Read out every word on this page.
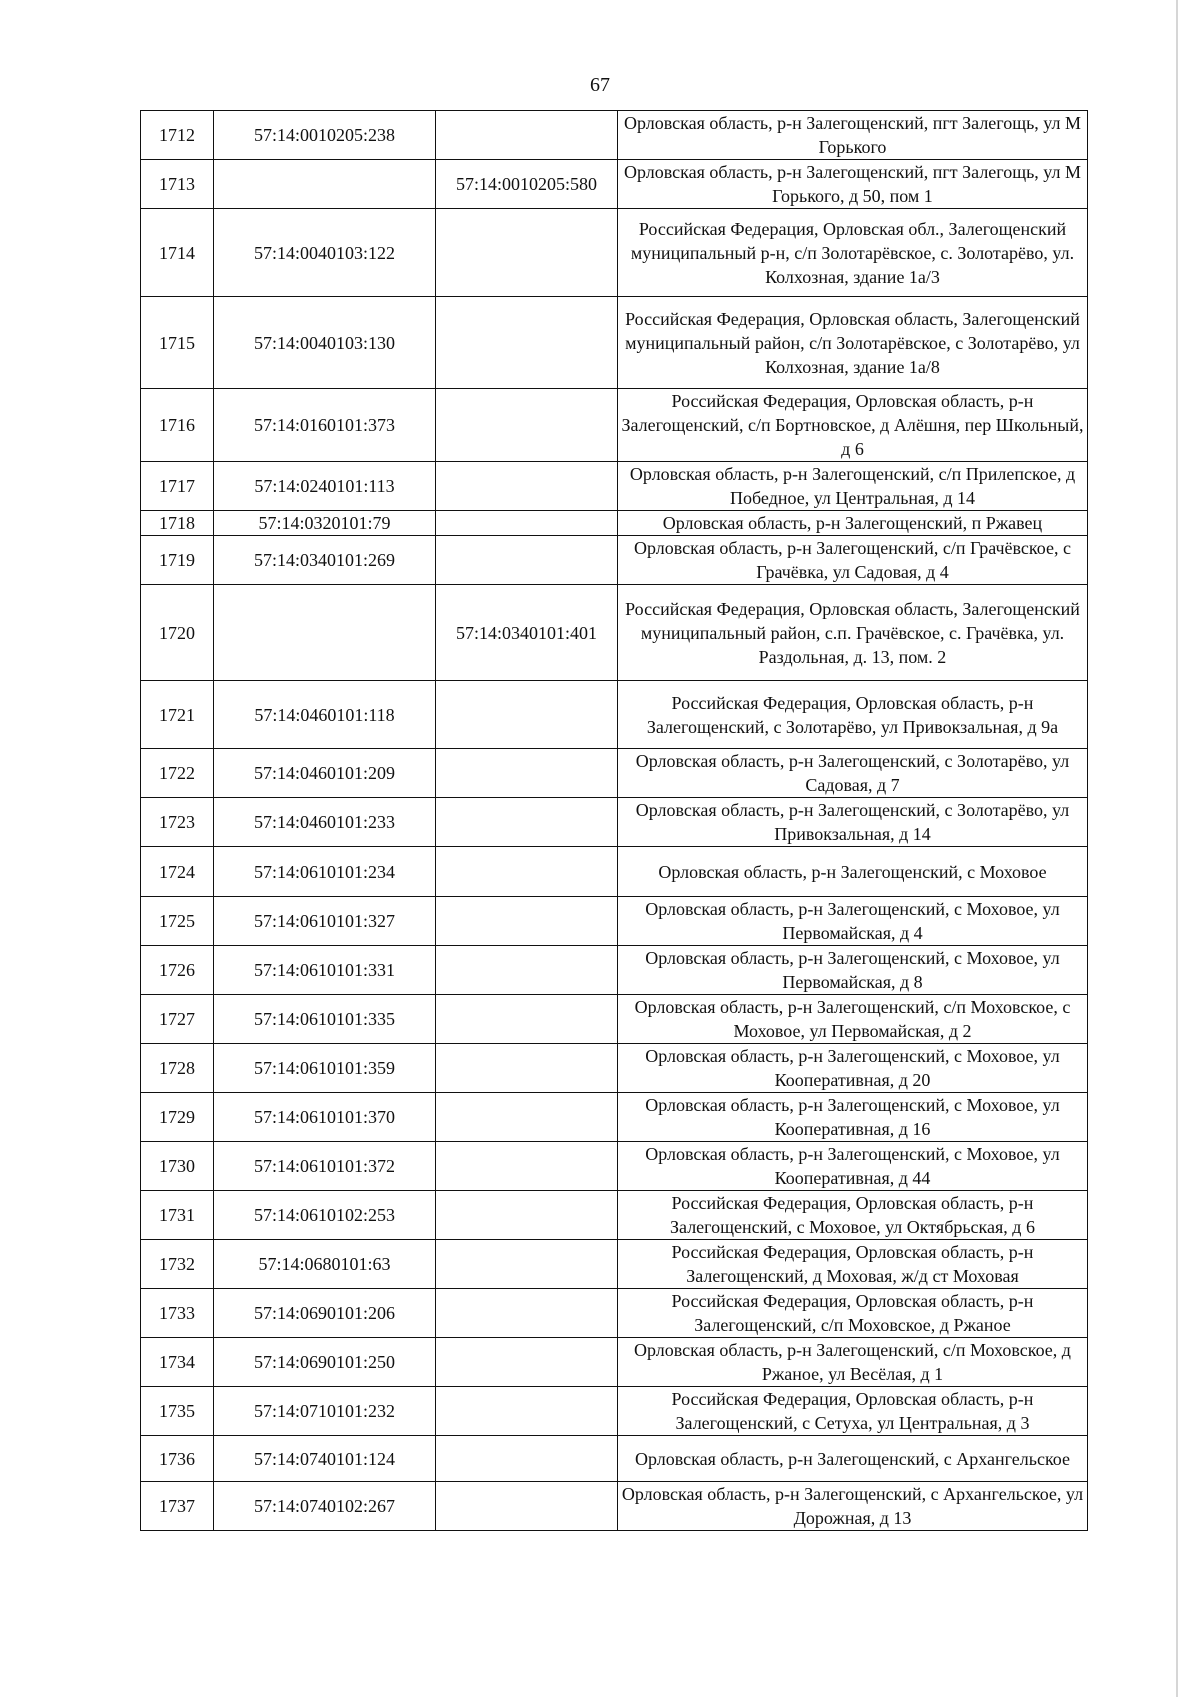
67
1712	57:14:0010205:238		Орловская область, р-н Залегощенский, пгт Залегощь, ул М Горького
1713		57:14:0010205:580	Орловская область, р-н Залегощенский, пгт Залегощь, ул М Горького, д 50, пом 1
1714	57:14:0040103:122		Российская Федерация, Орловская обл., Залегощенский муниципальный р-н, с/п Золотарёвское, с. Золотарёво, ул. Колхозная, здание 1а/3
1715	57:14:0040103:130		Российская Федерация, Орловская область, Залегощенский муниципальный район, с/п Золотарёвское, с Золотарёво, ул Колхозная, здание 1а/8
1716	57:14:0160101:373		Российская Федерация, Орловская область, р-н Залегощенский, с/п Бортновское, д Алёшня, пер Школьный, д 6
1717	57:14:0240101:113		Орловская область, р-н Залегощенский, с/п Прилепское, д Победное, ул Центральная, д 14
1718	57:14:0320101:79		Орловская область, р-н Залегощенский, п Ржавец
1719	57:14:0340101:269		Орловская область, р-н Залегощенский, с/п Грачёвское, с Грачёвка, ул Садовая, д 4
1720		57:14:0340101:401	Российская Федерация, Орловская область, Залегощенский муниципальный район, с.п. Грачёвское, с. Грачёвка, ул. Раздольная, д. 13, пом. 2
1721	57:14:0460101:118		Российская Федерация, Орловская область, р-н Залегощенский, с Золотарёво, ул Привокзальная, д 9а
1722	57:14:0460101:209		Орловская область, р-н Залегощенский, с Золотарёво, ул Садовая, д 7
1723	57:14:0460101:233		Орловская область, р-н Залегощенский, с Золотарёво, ул Привокзальная, д 14
1724	57:14:0610101:234		Орловская область, р-н Залегощенский, с Моховое
1725	57:14:0610101:327		Орловская область, р-н Залегощенский, с Моховое, ул Первомайская, д 4
1726	57:14:0610101:331		Орловская область, р-н Залегощенский, с Моховое, ул Первомайская, д 8
1727	57:14:0610101:335		Орловская область, р-н Залегощенский, с/п Моховское, с Моховое, ул Первомайская, д 2
1728	57:14:0610101:359		Орловская область, р-н Залегощенский, с Моховое, ул Кооперативная, д 20
1729	57:14:0610101:370		Орловская область, р-н Залегощенский, с Моховое, ул Кооперативная, д 16
1730	57:14:0610101:372		Орловская область, р-н Залегощенский, с Моховое, ул Кооперативная, д 44
1731	57:14:0610102:253		Российская Федерация, Орловская область, р-н Залегощенский, с Моховое, ул Октябрьская, д 6
1732	57:14:0680101:63		Российская Федерация, Орловская область, р-н Залегощенский, д Моховая, ж/д ст Моховая
1733	57:14:0690101:206		Российская Федерация, Орловская область, р-н Залегощенский, с/п Моховское, д Ржаное
1734	57:14:0690101:250		Орловская область, р-н Залегощенский, с/п Моховское, д Ржаное, ул Весёлая, д 1
1735	57:14:0710101:232		Российская Федерация, Орловская область, р-н Залегощенский, с Сетуха, ул Центральная, д 3
1736	57:14:0740101:124		Орловская область, р-н Залегощенский, с Архангельское
1737	57:14:0740102:267		Орловская область, р-н Залегощенский, с Архангельское, ул Дорожная, д 13
